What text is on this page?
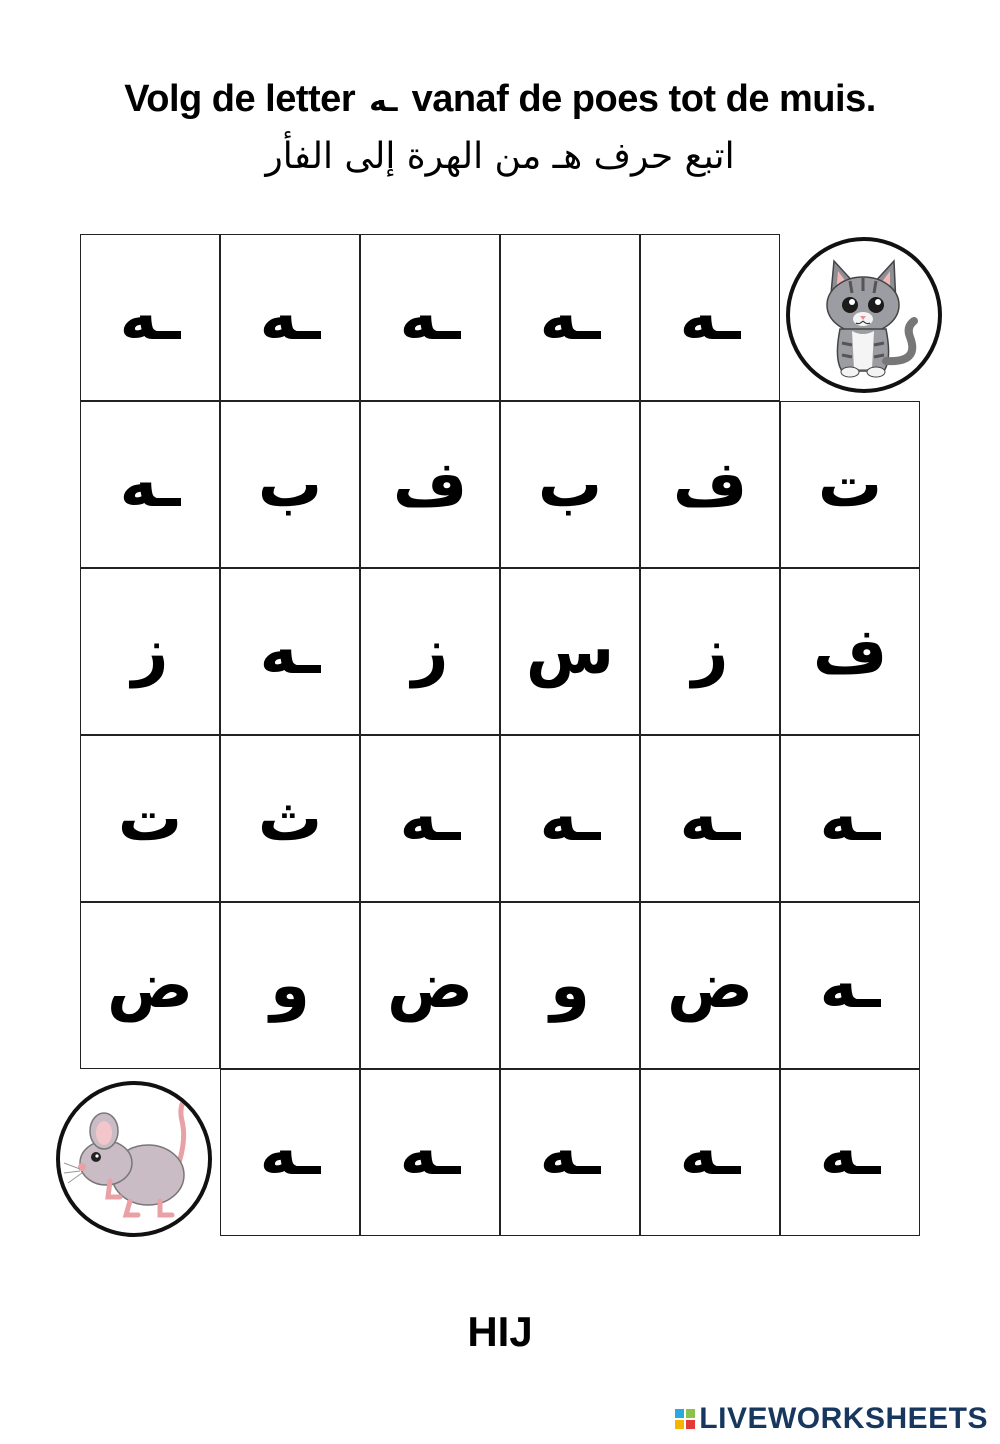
Volg de letter ـه vanaf de poes tot de muis.
اتبع حرف هـ من الهرة إلى الفأر
ـه	ـه	ـه	ـه	ـه
ـه	ب	ف	ب	ف	ت
ز	ـه	ز	س	ز	ف
ت	ث	ـه	ـه	ـه	ـه
ض	و	ض	و	ض	ـه
ـه	ـه	ـه	ـه	ـه
HIJ
LIVEWORKSHEETS
